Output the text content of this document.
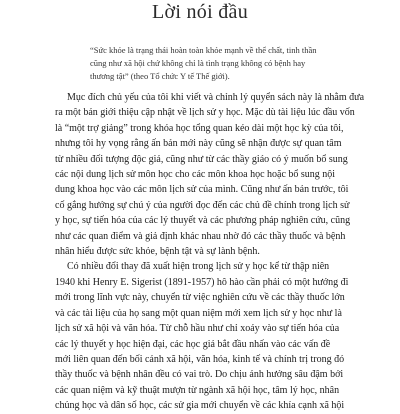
Lời nói đầu
“Sức khỏe là trạng thái hoàn toàn khỏe mạnh về thể chất, tinh thần
cũng như xã hội chứ không chỉ là tình trạng không có bệnh hay
thương tật” (theo Tổ chức Y tế Thế giới).
Mục đích chủ yếu của tôi khi viết và chỉnh lý quyển sách này là nhằm đưa
ra một bản giới thiệu cập nhật về lịch sử y học. Mặc dù tài liệu lúc đầu vốn
là “một trợ giảng” trong khóa học tổng quan kéo dài một học kỳ của tôi,
nhưng tôi hy vọng rằng ấn bản mới này cũng sẽ nhận được sự quan tâm
từ nhiều đối tượng độc giả, cũng như từ các thầy giáo có ý muốn bổ sung
các nội dung lịch sử môn học cho các môn khoa học hoặc bổ sung nội
dung khoa học vào các môn lịch sử của mình. Cũng như ấn bản trước, tôi
cố gắng hướng sự chú ý của người đọc đến các chủ đề chính trong lịch sử
y học, sự tiến hóa của các lý thuyết và các phương pháp nghiên cứu, cũng
như các quan điểm và giả định khác nhau nhờ đó các thầy thuốc và bệnh
nhân hiểu được sức khỏe, bệnh tật và sự lành bệnh.
Có nhiều đổi thay đã xuất hiện trong lịch sử y học kể từ thập niên
1940 khi Henry E. Sigerist (1891-1957) hô hào cần phải có một hướng đi
mới trong lĩnh vực này, chuyển từ việc nghiên cứu về các thầy thuốc lớn
và các tài liệu của họ sang một quan niệm mới xem lịch sử y học như là
lịch sử xã hội và văn hóa. Từ chỗ hầu như chỉ xoáy vào sự tiến hóa của
các lý thuyết y học hiện đại, các học giả bắt đầu nhấn vào các vấn đề
mới liên quan đến bối cảnh xã hội, văn hóa, kinh tế và chính trị trong đó
thầy thuốc và bệnh nhân đều có vai trò. Do chịu ảnh hưởng sâu đậm bởi
các quan niệm và kỹ thuật mượn từ ngành xã hội học, tâm lý học, nhân
chủng học và dân số học, các sử gia mới chuyển về các khía cạnh xã hội
